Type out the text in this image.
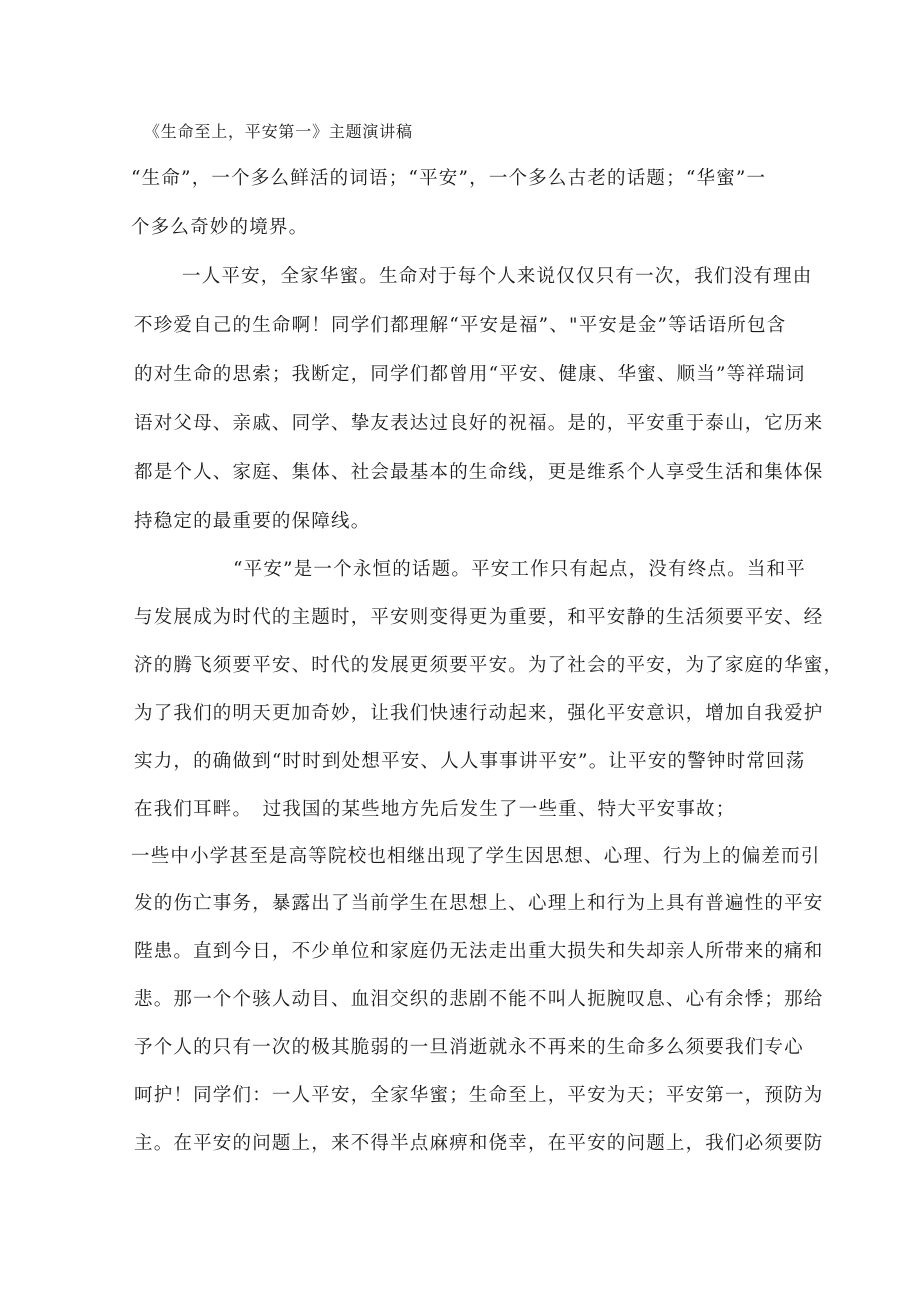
《生命至上，平安第一》主题演讲稿
“生命”，一个多么鲜活的词语；“平安”，一个多么古老的话题；“华蜜”一
个多么奇妙的境界。
一人平安，全家华蜜。生命对于每个人来说仅仅只有一次，我们没有理由
不珍爱自己的生命啊！同学们都理解“平安是福”、"平安是金”等话语所包含
的对生命的思索；我断定，同学们都曾用“平安、健康、华蜜、顺当”等祥瑞词
语对父母、亲戚、同学、挚友表达过良好的祝福。是的，平安重于泰山，它历来
都是个人、家庭、集体、社会最基本的生命线，更是维系个人享受生活和集体保
持稳定的最重要的保障线。
“平安”是一个永恒的话题。平安工作只有起点，没有终点。当和平
与发展成为时代的主题时，平安则变得更为重要，和平安静的生活须要平安、经
济的腾飞须要平安、时代的发展更须要平安。为了社会的平安，为了家庭的华蜜，
为了我们的明天更加奇妙，让我们快速行动起来，强化平安意识，增加自我爱护
实力，的确做到“时时到处想平安、人人事事讲平安”。让平安的警钟时常回荡
在我们耳畔。　过我国的某些地方先后发生了一些重、特大平安事故；
一些中小学甚至是高等院校也相继出现了学生因思想、心理、行为上的偏差而引
发的伤亡事务，暴露出了当前学生在思想上、心理上和行为上具有普遍性的平安
陛患。直到今日，不少单位和家庭仍无法走出重大损失和失却亲人所带来的痛和
悲。那一个个骇人动目、血泪交织的悲剧不能不叫人扼腕叹息、心有余悸；那给
予个人的只有一次的极其脆弱的一旦消逝就永不再来的生命多么须要我们专心
呵护！同学们：一人平安，全家华蜜；生命至上，平安为天；平安第一，预防为
主。在平安的问题上，来不得半点麻痹和侥幸，在平安的问题上，我们必须要防
